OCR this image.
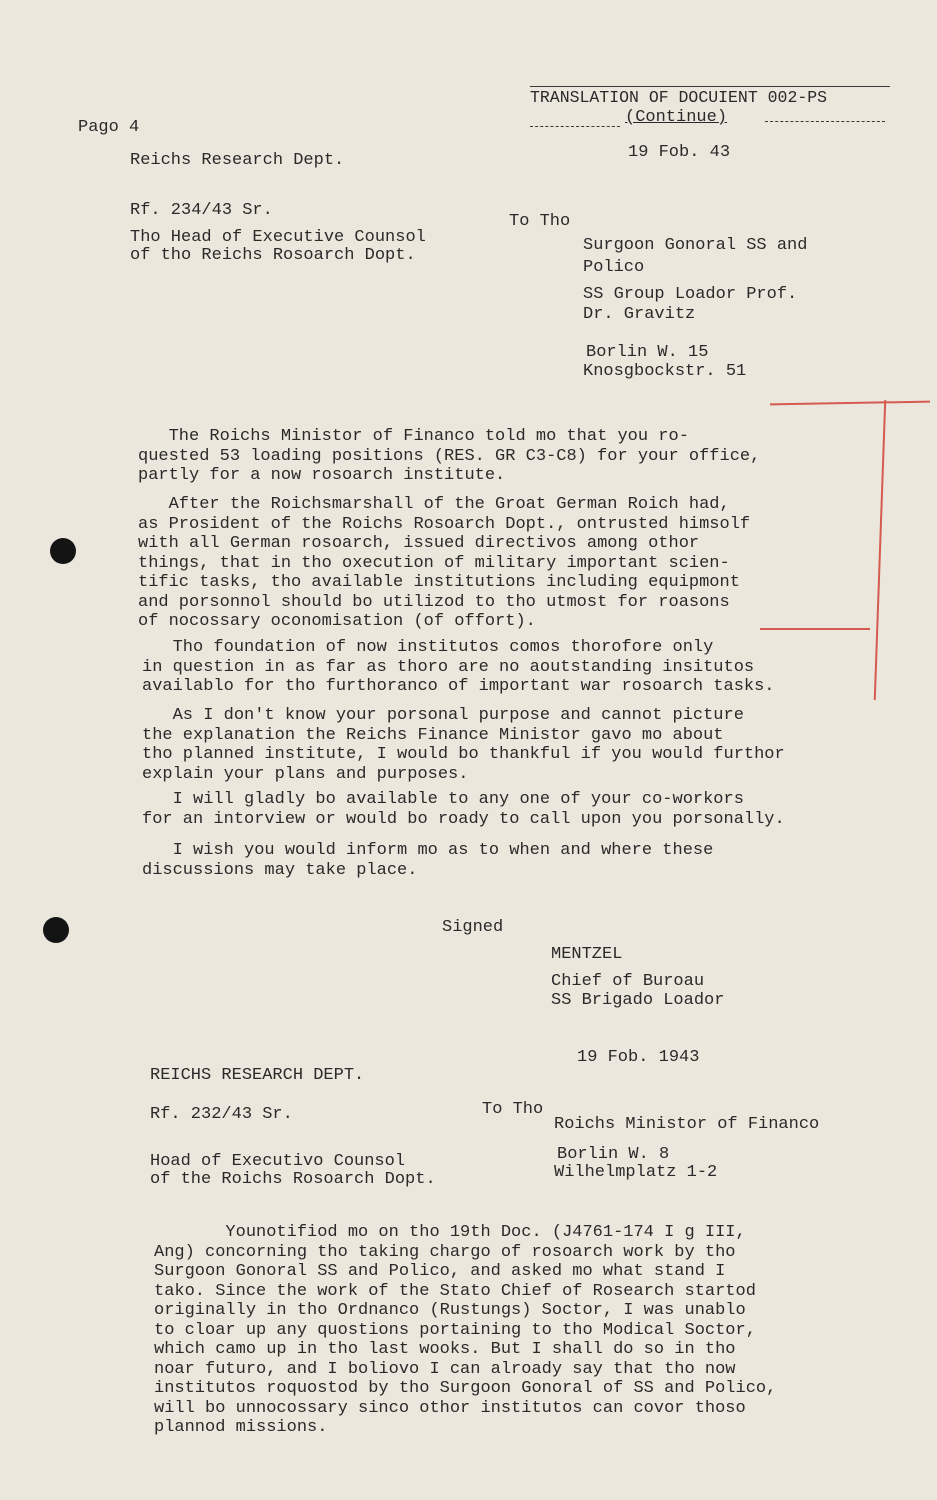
Pago 4
TRANSLATION OF DOCUIENT 002-PS
(Continue)
Reichs Research Dept.	19 Fob. 43
Rf. 234/43 Sr.
Tho Head of Executive Counsol
of tho Reichs Rosoarch Dopt.
To Tho
Surgoon Gonoral SS and
Polico
SS Group Loador Prof.
Dr. Gravitz
Borlin W. 15
Knosgbockstr. 51
The Roichs Ministor of Financo told mo that you ro-
quested 53 loading positions (RES. GR C3-C8) for your office,
partly for a now rosoarch institute.
After the Roichsmarshall of the Groat German Roich had,
as Prosident of the Roichs Rosoarch Dopt., ontrusted himsolf
with all German rosoarch, issued directivos among othor
things, that in tho oxecution of military important scien-
tific tasks, tho available institutions including equipmont
and porsonnol should bo utilizod to tho utmost for roasons
of nocossary oconomisation (of offort).
Tho foundation of now institutos comos thorofore only
in question in as far as thoro are no aoutstanding insitutos
availablo for tho furthoranco of important war rosoarch tasks.
As I don't know your porsonal purpose and cannot picture
the explanation the Reichs Finance Ministor gavo mo about
tho planned institute, I would bo thankful if you would furthor
explain your plans and purposes.
I will gladly bo available to any one of your co-workors
for an intorview or would bo roady to call upon you porsonally.
I wish you would inform mo as to when and where these
discussions may take place.
Signed
MENTZEL
Chief of Buroau
SS Brigado Loador
19 Fob. 1943
REICHS RESEARCH DEPT.
Rf. 232/43 Sr.	To Tho
Roichs Ministor of Financo
Borlin W. 8
Wilhelmplatz 1-2
Hoad of Executivo Counsol
of the Roichs Rosoarch Dopt.
Younotifiod mo on tho 19th Doc. (J4761-174 I g III,
Ang) concorning tho taking chargo of rosoarch work by tho
Surgoon Gonoral SS and Polico, and asked mo what stand I
tako. Since the work of the Stato Chief of Rosearch startod
originally in tho Ordnanco (Rustungs) Soctor, I was unablo
to cloar up any quostions portaining to tho Modical Soctor,
which camo up in tho last wooks. But I shall do so in tho
noar futuro, and I boliovo I can alroady say that tho now
institutos roquostod by tho Surgoon Gonoral of SS and Polico,
will bo unnocossary sinco othor institutos can covor thoso
plannod missions.
